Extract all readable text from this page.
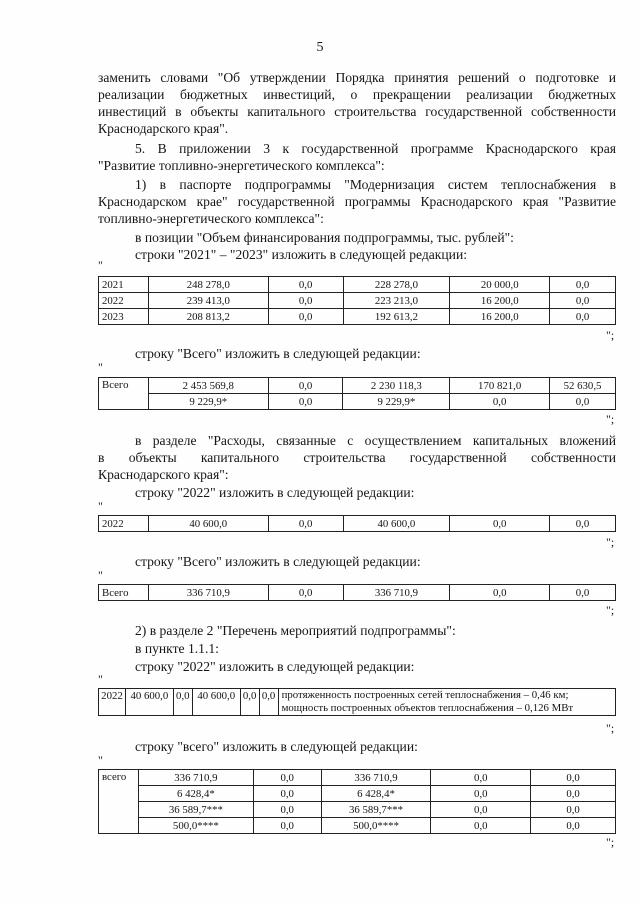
5
заменить словами "Об утверждении Порядка принятия решений о подготовке и
реализации бюджетных инвестиций, о прекращении реализации бюджетных
инвестиций в объекты капитального строительства государственной собственности
Краснодарского края".
5. В приложении 3 к государственной программе Краснодарского края
"Развитие топливно-энергетического комплекса":
1) в паспорте подпрограммы "Модернизация систем теплоснабжения в
Краснодарском крае" государственной программы Краснодарского края "Развитие
топливно-энергетического комплекса":
в позиции "Объем финансирования подпрограммы, тыс. рублей":
строки "2021" – "2023" изложить в следующей редакции:
"
2021	248 278,0	0,0	228 278,0	20 000,0	0,0
2022	239 413,0	0,0	223 213,0	16 200,0	0,0
2023	208 813,2	0,0	192 613,2	16 200,0	0,0
";
строку "Всего" изложить в следующей редакции:
"
Всего	2 453 569,8	0,0	2 230 118,3	170 821,0	52 630,5
	9 229,9*	0,0	9 229,9*	0,0	0,0
";
в разделе "Расходы, связанные с осуществлением капитальных вложений
в объекты капитального строительства государственной собственности
Краснодарского края":
строку "2022" изложить в следующей редакции:
"
2022	40 600,0	0,0	40 600,0	0,0	0,0
";
строку "Всего" изложить в следующей редакции:
"
Всего	336 710,9	0,0	336 710,9	0,0	0,0
";
2) в разделе 2 "Перечень мероприятий подпрограммы":
в пункте 1.1.1:
строку "2022" изложить в следующей редакции:
"
2022	40 600,0	0,0	40 600,0	0,0	0,0	протяженность построенных сетей теплоснабжения – 0,46 км;
мощность построенных объектов теплоснабжения – 0,126 МВт
";
строку "всего" изложить в следующей редакции:
"
всего	336 710,9	0,0	336 710,9	0,0	0,0
	6 428,4*	0,0	6 428,4*	0,0	0,0
	36 589,7***	0,0	36 589,7***	0,0	0,0
	500,0****	0,0	500,0****	0,0	0,0
";
